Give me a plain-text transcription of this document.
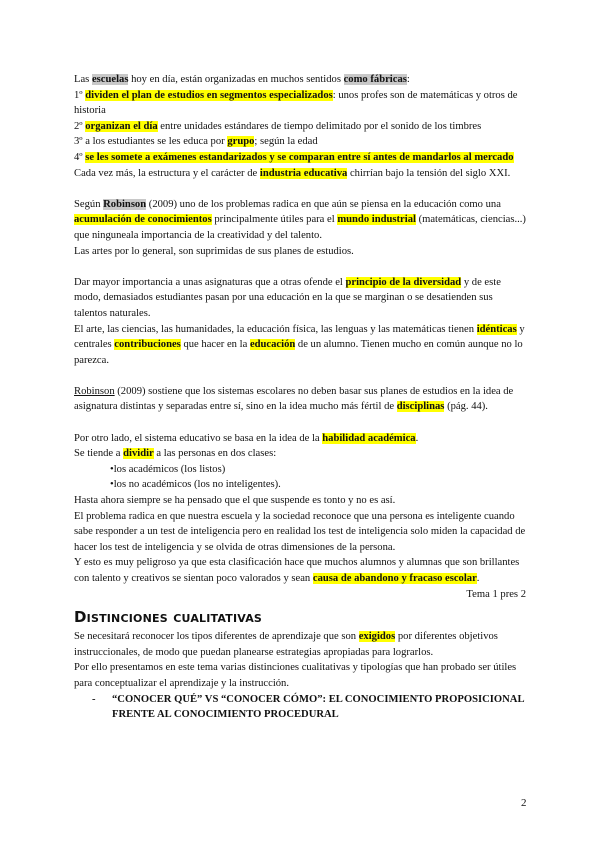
Las escuelas hoy en día, están organizadas en muchos sentidos como fábricas:

1º dividen el plan de estudios en segmentos especializados: unos profes son de matemáticas y otros de historia

2º organizan el día entre unidades estándares de tiempo delimitado por el sonido de los timbres

3º a los estudiantes se les educa por grupo; según la edad

4º se les somete a exámenes estandarizados y se comparan entre sí antes de mandarlos al mercado

Cada vez más, la estructura y el carácter de industria educativa chirrían bajo la tensión del siglo XXI.

Según Robinson (2009) uno de los problemas radica en que aún se piensa en la educación como una acumulación de conocimientos principalmente útiles para el mundo industrial (matemáticas, ciencias...) que ninguneala importancia de la creatividad y del talento.

Las artes por lo general, son suprimidas de sus planes de estudios.

Dar mayor importancia a unas asignaturas que a otras ofende el principio de la diversidad y de este modo, demasiados estudiantes pasan por una educación en la que se marginan o se desatienden sus talentos naturales.

El arte, las ciencias, las humanidades, la educación física, las lenguas y las matemáticas tienen idénticas y centrales contribuciones que hacer en la educación de un alumno. Tienen mucho en común aunque no lo parezca.

Robinson (2009) sostiene que los sistemas escolares no deben basar sus planes de estudios en la idea de asignatura distintas y separadas entre sí, sino en la idea mucho más fértil de disciplinas (pág. 44).

Por otro lado, el sistema educativo se basa en la idea de la habilidad académica.

Se tiende a dividir a las personas en dos clases:

•los académicos (los listos)

•los no académicos (los no inteligentes).

Hasta ahora siempre se ha pensado que el que suspende es tonto y no es así.

El problema radica en que nuestra escuela y la sociedad reconoce que una persona es inteligente cuando sabe responder a un test de inteligencia pero en realidad los test de inteligencia solo miden la capacidad de hacer los test de inteligencia y se olvida de otras dimensiones de la persona.

Y esto es muy peligroso ya que esta clasificación hace que muchos alumnos y alumnas que son brillantes con talento y creativos se sientan poco valorados y sean causa de abandono y fracaso escolar.

Tema 1 pres 2

Distinciones cualitativas

Se necesitará reconocer los tipos diferentes de aprendizaje que son exigidos por diferentes objetivos instruccionales, de modo que puedan planearse estrategias apropiadas para lograrlos.

Por ello presentamos en este tema varias distinciones cualitativas y tipologías que han probado ser útiles para conceptualizar el aprendizaje y la instrucción.

-	“CONOCER QUÉ” VS “CONOCER CÓMO”: EL CONOCIMIENTO PROPOSICIONAL FRENTE AL CONOCIMIENTO PROCEDURAL
2
